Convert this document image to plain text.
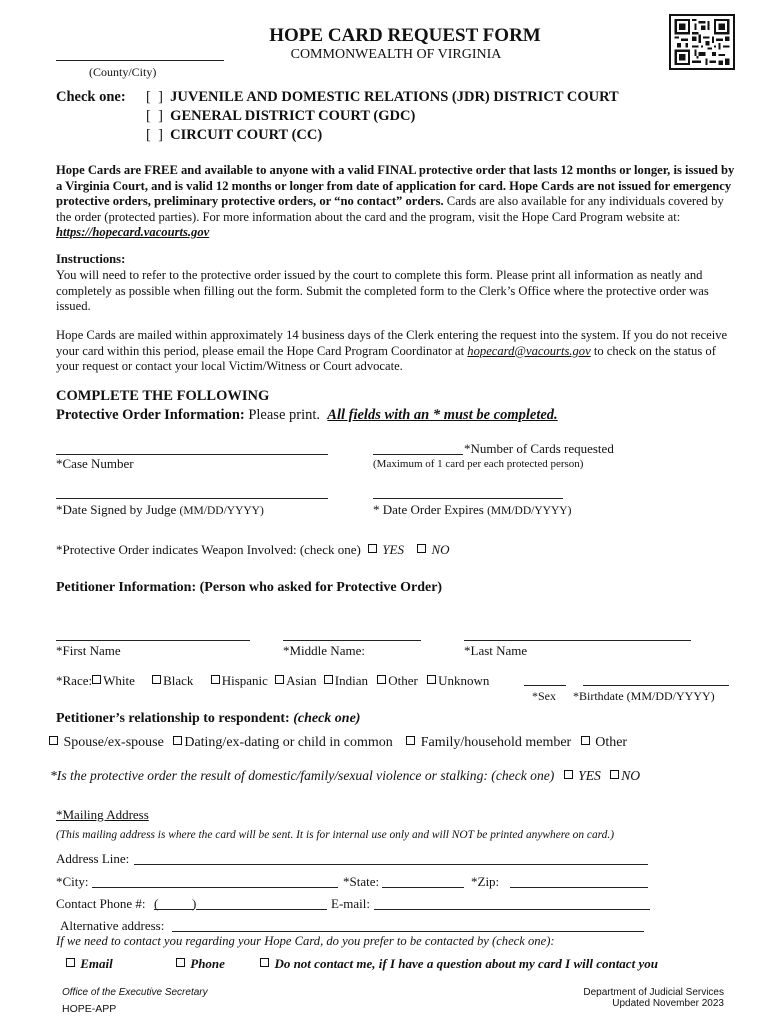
HOPE CARD REQUEST FORM
COMMONWEALTH OF VIRGINIA
(County/City)
Check one: [  ] JUVENILE AND DOMESTIC RELATIONS (JDR) DISTRICT COURT
[  ] GENERAL DISTRICT COURT (GDC)
[  ] CIRCUIT COURT (CC)
Hope Cards are FREE and available to anyone with a valid FINAL protective order that lasts 12 months or longer, is issued by a Virginia Court, and is valid 12 months or longer from date of application for card. Hope Cards are not issued for emergency protective orders, preliminary protective orders, or “no contact” orders. Cards are also available for any individuals covered by the order (protected parties). For more information about the card and the program, visit the Hope Card Program website at: https://hopecard.vacourts.gov
Instructions:
You will need to refer to the protective order issued by the court to complete this form. Please print all information as neatly and completely as possible when filling out the form. Submit the completed form to the Clerk’s Office where the protective order was issued.
Hope Cards are mailed within approximately 14 business days of the Clerk entering the request into the system. If you do not receive your card within this period, please email the Hope Card Program Coordinator at hopecard@vacourts.gov to check on the status of your request or contact your local Victim/Witness or Court advocate.
COMPLETE THE FOLLOWING
Protective Order Information: Please print. All fields with an * must be completed.
*Case Number
*Number of Cards requested
(Maximum of 1 card per each protected person)
*Date Signed by Judge (MM/DD/YYYY)	* Date Order Expires (MM/DD/YYYY)
*Protective Order indicates Weapon Involved: (check one) YES NO
Petitioner Information: (Person who asked for Protective Order)
*First Name	*Middle Name:	*Last Name
*Race: White Black Hispanic Asian Indian Other Unknown
*Sex *Birthdate (MM/DD/YYYY)
Petitioner’s relationship to respondent: (check one)
Spouse/ex-spouse Dating/ex-dating or child in common Family/household member Other
*Is the protective order the result of domestic/family/sexual violence or stalking: (check one) YES NO
*Mailing Address
(This mailing address is where the card will be sent. It is for internal use only and will NOT be printed anywhere on card.)
Address Line:
*City:	*State:	*Zip:
Contact Phone #: (	)	E-mail:
Alternative address:
If we need to contact you regarding your Hope Card, do you prefer to be contacted by (check one):
Email	Phone	Do not contact me, if I have a question about my card I will contact you
Office of the Executive Secretary
HOPE-APP
Department of Judicial Services
Updated November 2023
